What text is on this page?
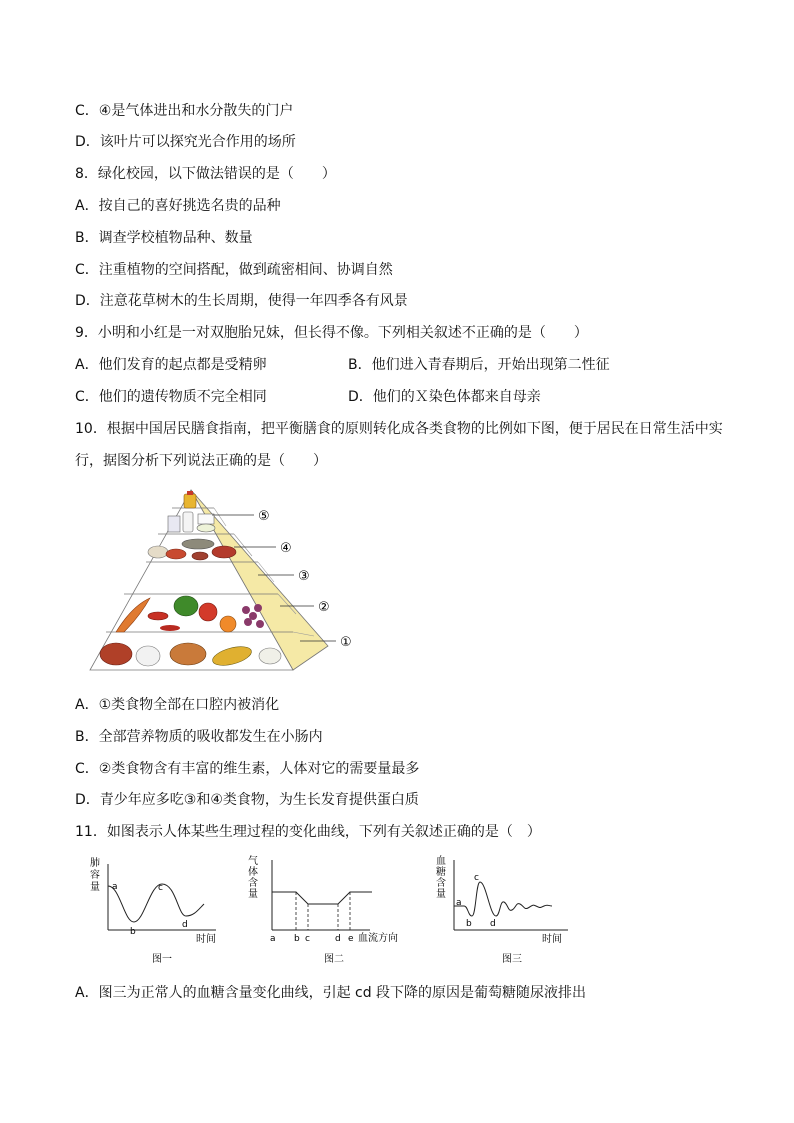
C．④是气体进出和水分散失的门户
D．该叶片可以探究光合作用的场所
8．绿化校园，以下做法错误的是（　　）
A．按自己的喜好挑选名贵的品种
B．调查学校植物品种、数量
C．注重植物的空间搭配，做到疏密相间、协调自然
D．注意花草树木的生长周期，使得一年四季各有风景
9．小明和小红是一对双胞胎兄妹，但长得不像。下列相关叙述不正确的是（　　）
A．他们发育的起点都是受精卵	B．他们进入青春期后，开始出现第二性征
C．他们的遗传物质不完全相同	D．他们的Ｘ染色体都来自母亲
10．根据中国居民膳食指南，把平衡膳食的原则转化成各类食物的比例如下图，便于居民在日常生活中实
行，据图分析下列说法正确的是（　　）
⑤
④
③
②
①
A．①类食物全部在口腔内被消化
B．全部营养物质的吸收都发生在小肠内
C．②类食物含有丰富的维生素，人体对它的需要量最多
D．青少年应多吃③和④类食物，为生长发育提供蛋白质
11．如图表示人体某些生理过程的变化曲线，下列有关叙述正确的是（　）
肺
容
量 a
b
c
d
时间
图一
气
体
含
量
a b c	d e 血流方向
图二
血
糖
含
量
a
b
c
d
时间
图三
A．图三为正常人的血糖含量变化曲线，引起 cd 段下降的原因是葡萄糖随尿液排出
